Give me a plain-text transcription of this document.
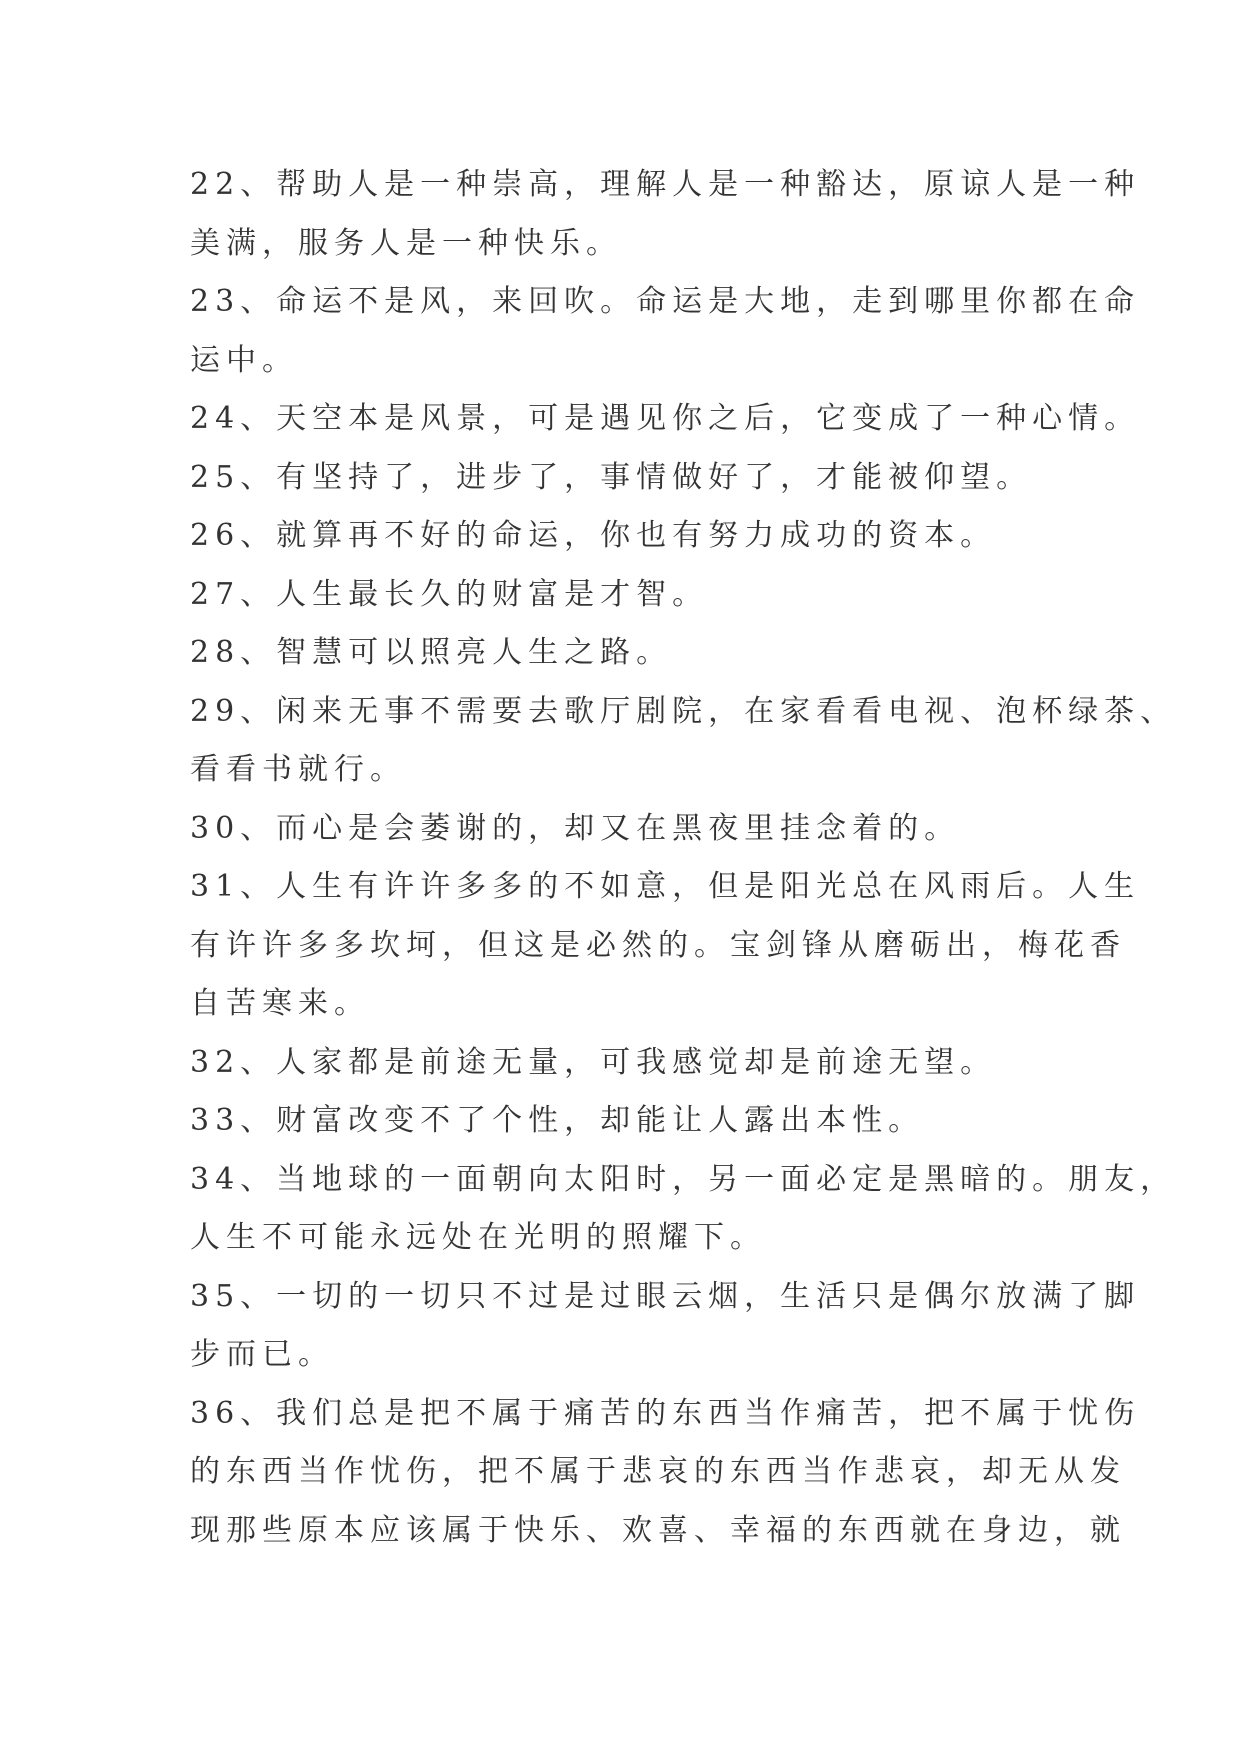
22、帮助人是一种崇高，理解人是一种豁达，原谅人是一种
美满，服务人是一种快乐。
23、命运不是风，来回吹。命运是大地，走到哪里你都在命
运中。
24、天空本是风景，可是遇见你之后，它变成了一种心情。
25、有坚持了，进步了，事情做好了，才能被仰望。
26、就算再不好的命运，你也有努力成功的资本。
27、人生最长久的财富是才智。
28、智慧可以照亮人生之路。
29、闲来无事不需要去歌厅剧院，在家看看电视、泡杯绿茶、
看看书就行。
30、而心是会萎谢的，却又在黑夜里挂念着的。
31、人生有许许多多的不如意，但是阳光总在风雨后。人生
有许许多多坎坷，但这是必然的。宝剑锋从磨砺出，梅花香
自苦寒来。
32、人家都是前途无量，可我感觉却是前途无望。
33、财富改变不了个性，却能让人露出本性。
34、当地球的一面朝向太阳时，另一面必定是黑暗的。朋友，
人生不可能永远处在光明的照耀下。
35、一切的一切只不过是过眼云烟，生活只是偶尔放满了脚
步而已。
36、我们总是把不属于痛苦的东西当作痛苦，把不属于忧伤
的东西当作忧伤，把不属于悲哀的东西当作悲哀，却无从发
现那些原本应该属于快乐、欢喜、幸福的东西就在身边，就
